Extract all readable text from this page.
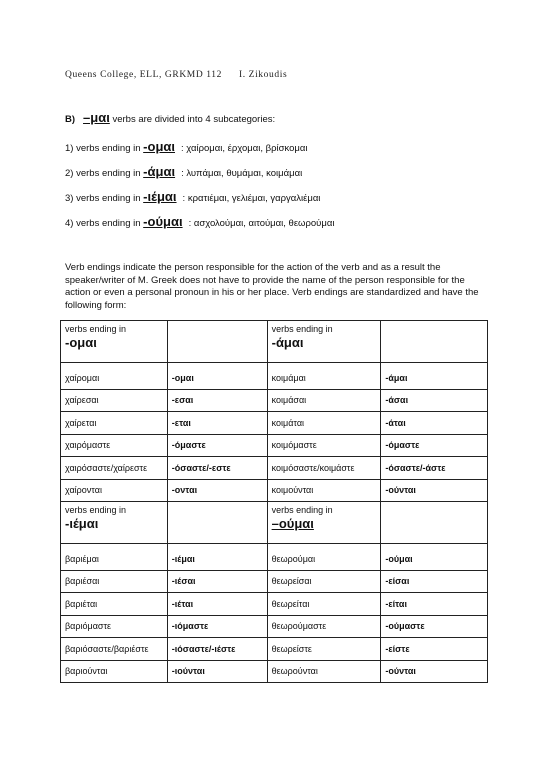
Queens College, ELL, GRKMD 112 I. Zikoudis
B) –μαι verbs are divided into 4 subcategories:
1) verbs ending in -ομαι : χαίρομαι, έρχομαι, βρίσκομαι
2) verbs ending in -άμαι : λυπάμαι, θυμάμαι, κοιμάμαι
3) verbs ending in -ιέμαι : κρατιέμαι, γελιέμαι, γαργαλιέμαι
4) verbs ending in -ούμαι : ασχολούμαι, αιτούμαι, θεωρούμαι

Verb endings indicate the person responsible for the action of the verb and as a result the speaker/writer of M. Greek does not have to provide the name of the person responsible for the action or even a personal pronoun in his or her place. Verb endings are standardized and have the following form:

verbs ending in
-ομαι		verbs ending in
-άμαι	

χαίρομαι	-ομαι	κοιμάμαι	-άμαι
χαίρεσαι	-εσαι	κοιμάσαι	-άσαι
χαίρεται	-εται	κοιμάται	-άται
χαιρόμαστε	-όμαστε	κοιμόμαστε	-όμαστε
χαιρόσαστε/χαίρεστε	-όσαστε/-εστε	κοιμόσαστε/κοιμάστε	-όσαστε/-άστε
χαίρονται	-ονται	κοιμούνται	-ούνται
verbs ending in
-ιέμαι		verbs ending in
–ούμαι	

βαριέμαι	-ιέμαι	θεωρούμαι	-ούμαι
βαριέσαι	-ιέσαι	θεωρείσαι	-είσαι
βαριέται	-ιέται	θεωρείται	-είται
βαριόμαστε	-ιόμαστε	θεωρούμαστε	-ούμαστε
βαριόσαστε/βαριέστε	-ιόσαστε/-ιέστε	θεωρείστε	-είστε
βαριούνται	-ιούνται	θεωρούνται	-ούνται
